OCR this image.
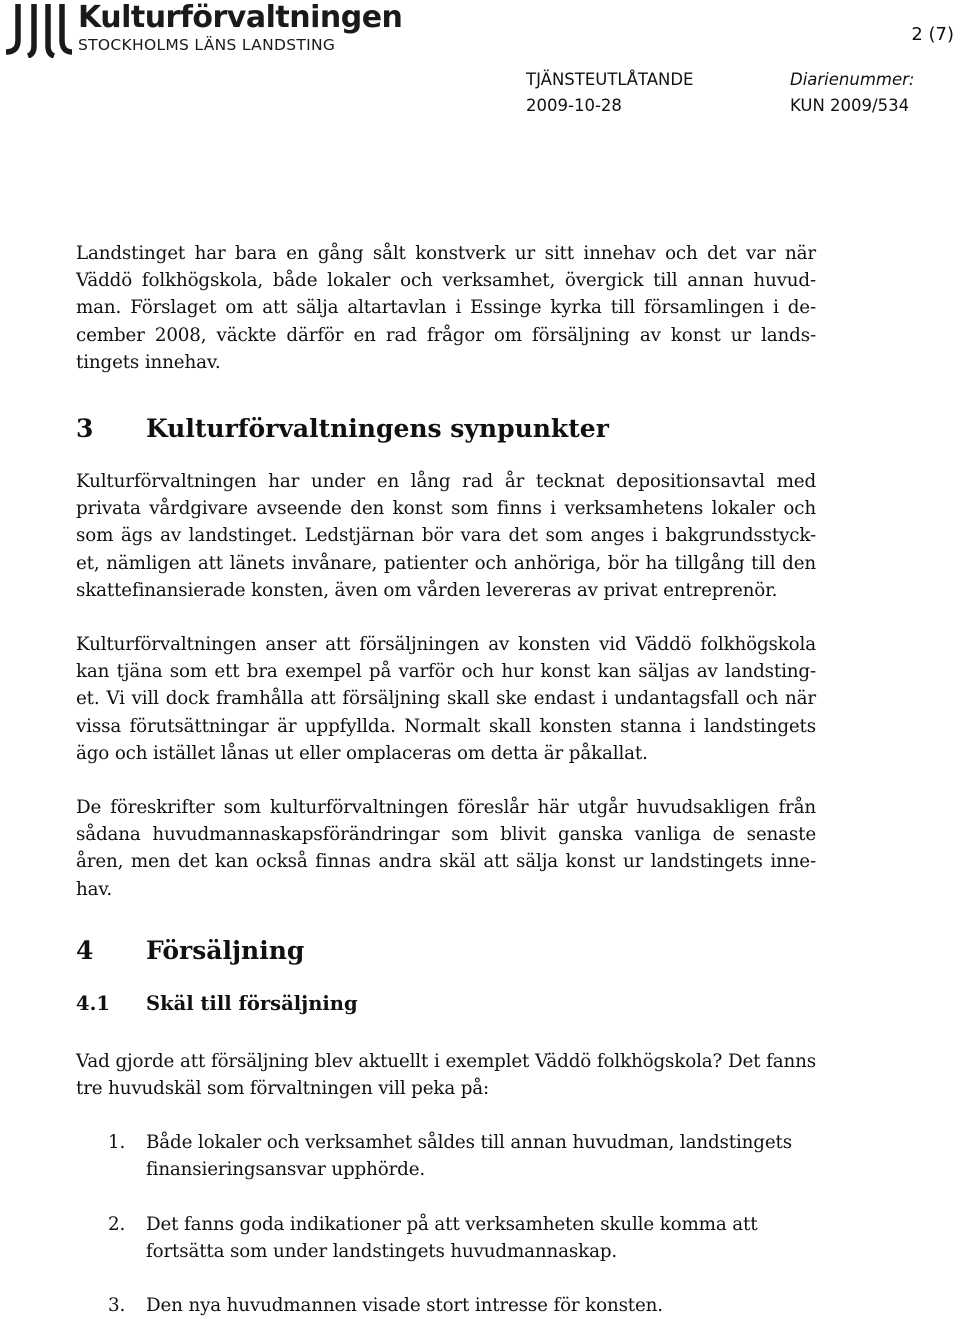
Kulturförvaltningen
STOCKHOLMS LÄNS LANDSTING	2 (7)
TJÄNSTEUTLÅTANDE
2009-10-28
Diarienummer:
KUN 2009/534

Landstinget har bara en gång sålt konstverk ur sitt innehav och det var när Väddö folkhögskola, både lokaler och verksamhet, övergick till annan huvud-man. Förslaget om att sälja altartavlan i Essinge kyrka till församlingen i de-cember 2008, väckte därför en rad frågor om försäljning av konst ur lands-tingets innehav.

3	Kulturförvaltningens synpunkter

Kulturförvaltningen har under en lång rad år tecknat depositionsavtal med privata vårdgivare avseende den konst som finns i verksamhetens lokaler och som ägs av landstinget. Ledstjärnan bör vara det som anges i bakgrundsstyck-et, nämligen att länets invånare, patienter och anhöriga, bör ha tillgång till den skattefinansierade konsten, även om vården levereras av privat entreprenör.

Kulturförvaltningen anser att försäljningen av konsten vid Väddö folkhögskola kan tjäna som ett bra exempel på varför och hur konst kan säljas av landsting-et. Vi vill dock framhålla att försäljning skall ske endast i undantagsfall och när vissa förutsättningar är uppfyllda. Normalt skall konsten stanna i landstingets ägo och istället lånas ut eller omplaceras om detta är påkallat.

De föreskrifter som kulturförvaltningen föreslår här utgår huvudsakligen från sådana huvudmannaskapsförändringar som blivit ganska vanliga de senaste åren, men det kan också finnas andra skäl att sälja konst ur landstingets inne-hav.

4	Försäljning
4.1	Skäl till försäljning

Vad gjorde att försäljning blev aktuellt i exemplet Väddö folkhögskola? Det fanns tre huvudskäl som förvaltningen vill peka på:

1.	Både lokaler och verksamhet såldes till annan huvudman, landstingets finansieringsansvar upphörde.
2.	Det fanns goda indikationer på att verksamheten skulle komma att fortsätta som under landstingets huvudmannaskap.
3.	Den nya huvudmannen visade stort intresse för konsten.
